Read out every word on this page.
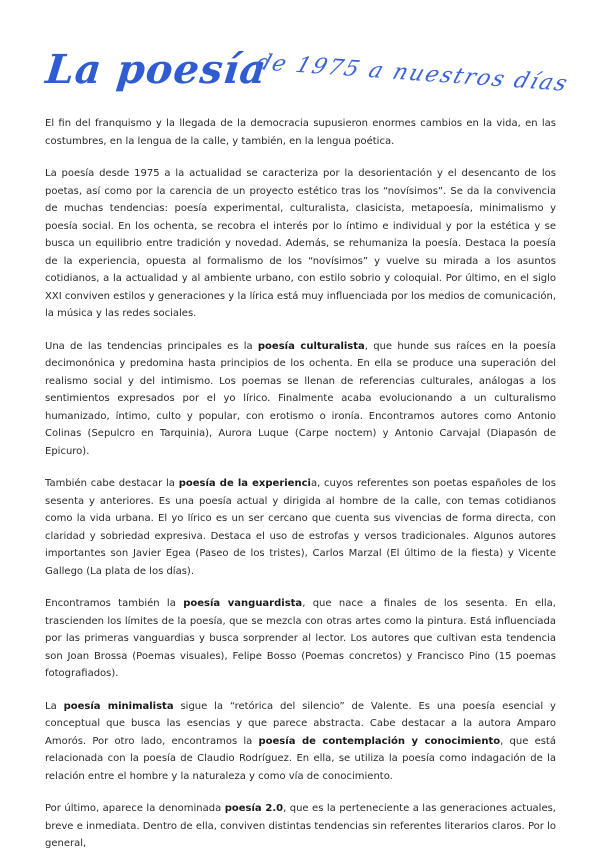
La poesía
de 1975 a nuestros días

El fin del franquismo y la llegada de la democracia supusieron enormes cambios en la vida, en las costumbres, en la lengua de la calle, y también, en la lengua poética.

La poesía desde 1975 a la actualidad se caracteriza por la desorientación y el desencanto de los poetas, así como por la carencia de un proyecto estético tras los “novísimos”. Se da la convivencia de muchas tendencias: poesía experimental, culturalista, clasicista, metapoesía, minimalismo y poesía social. En los ochenta, se recobra el interés por lo íntimo e individual y por la estética y se busca un equilibrio entre tradición y novedad. Además, se rehumaniza la poesía. Destaca la poesía de la experiencia, opuesta al formalismo de los “novísimos” y vuelve su mirada a los asuntos cotidianos, a la actualidad y al ambiente urbano, con estilo sobrio y coloquial. Por último, en el siglo XXI conviven estilos y generaciones y la lírica está muy influenciada por los medios de comunicación, la música y las redes sociales.

Una de las tendencias principales es la poesía culturalista, que hunde sus raíces en la poesía decimonónica y predomina hasta principios de los ochenta. En ella se produce una superación del realismo social y del intimismo. Los poemas se llenan de referencias culturales, análogas a los sentimientos expresados por el yo lírico. Finalmente acaba evolucionando a un culturalismo humanizado, íntimo, culto y popular, con erotismo o ironía. Encontramos autores como Antonio Colinas (Sepulcro en Tarquinia), Aurora Luque (Carpe noctem) y Antonio Carvajal (Diapasón de Epicuro).

También cabe destacar la poesía de la experiencia, cuyos referentes son poetas españoles de los sesenta y anteriores. Es una poesía actual y dirigida al hombre de la calle, con temas cotidianos como la vida urbana. El yo lírico es un ser cercano que cuenta sus vivencias de forma directa, con claridad y sobriedad expresiva. Destaca el uso de estrofas y versos tradicionales. Algunos autores importantes son Javier Egea (Paseo de los tristes), Carlos Marzal (El último de la fiesta) y Vicente Gallego (La plata de los días).

Encontramos también la poesía vanguardista, que nace a finales de los sesenta. En ella, trascienden los límites de la poesía, que se mezcla con otras artes como la pintura. Está influenciada por las primeras vanguardias y busca sorprender al lector. Los autores que cultivan esta tendencia son Joan Brossa (Poemas visuales), Felipe Bosso (Poemas concretos) y Francisco Pino (15 poemas fotografiados).

La poesía minimalista sigue la “retórica del silencio” de Valente. Es una poesía esencial y conceptual que busca las esencias y que parece abstracta. Cabe destacar a la autora Amparo Amorós. Por otro lado, encontramos la poesía de contemplación y conocimiento, que está relacionada con la poesía de Claudio Rodríguez. En ella, se utiliza la poesía como indagación de la relación entre el hombre y la naturaleza y como vía de conocimiento.

Por último, aparece la denominada poesía 2.0, que es la perteneciente a las generaciones actuales, breve e inmediata. Dentro de ella, conviven distintas tendencias sin referentes literarios claros. Por lo general,
